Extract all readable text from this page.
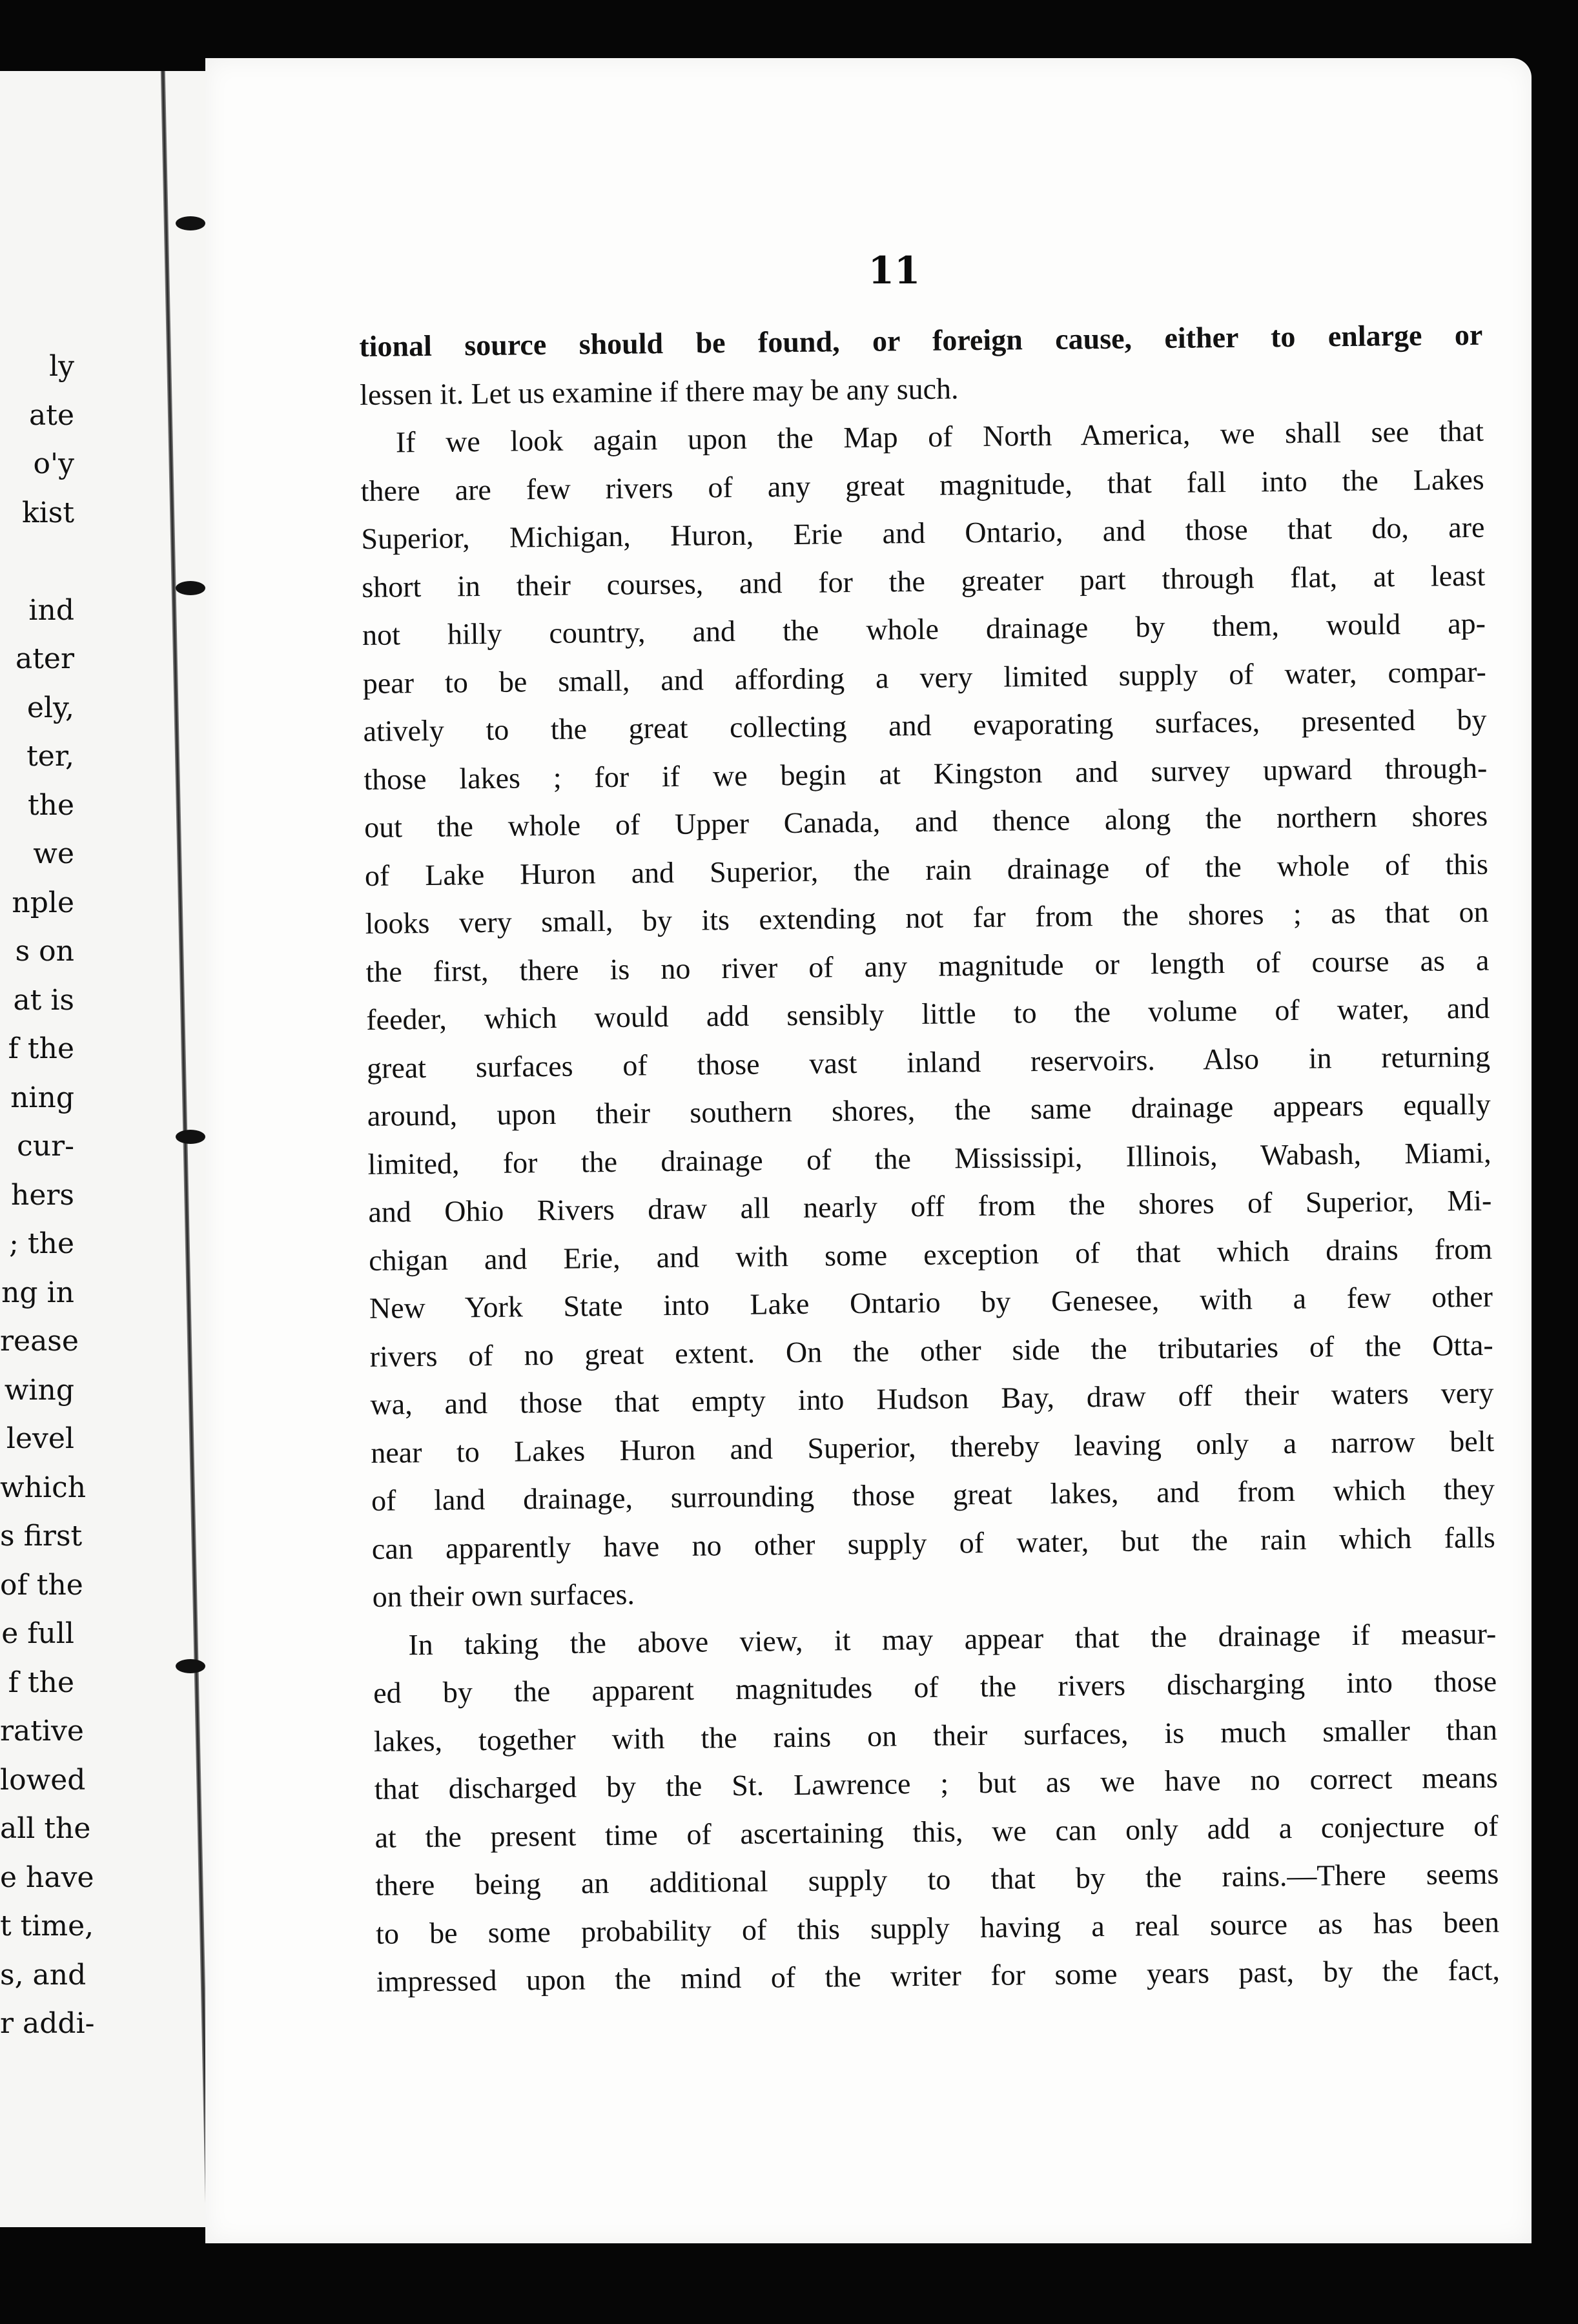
ly
ate
o'y
kist
ind
ater
ely,
ter,
the
we
nple
s on
at is
f the
ning
cur-
hers
; the
ng in
rease
wing
level
which
s first
of the
e full
f the
rative
lowed
all the
e have
t time,
s, and
r addi-

11

tional source should be found, or foreign cause, either to enlarge or
lessen it. Let us examine if there may be any such.
If we look again upon the Map of North America, we shall see that
there are few rivers of any great magnitude, that fall into the Lakes
Superior, Michigan, Huron, Erie and Ontario, and those that do, are
short in their courses, and for the greater part through flat, at least
not hilly country, and the whole drainage by them, would ap-
pear to be small, and affording a very limited supply of water, compar-
atively to the great collecting and evaporating surfaces, presented by
those lakes ; for if we begin at Kingston and survey upward through-
out the whole of Upper Canada, and thence along the northern shores
of Lake Huron and Superior, the rain drainage of the whole of this
looks very small, by its extending not far from the shores ; as that on
the first, there is no river of any magnitude or length of course as a
feeder, which would add sensibly little to the volume of water, and
great surfaces of those vast inland reservoirs. Also in returning
around, upon their southern shores, the same drainage appears equally
limited, for the drainage of the Mississipi, Illinois, Wabash, Miami,
and Ohio Rivers draw all nearly off from the shores of Superior, Mi-
chigan and Erie, and with some exception of that which drains from
New York State into Lake Ontario by Genesee, with a few other
rivers of no great extent. On the other side the tributaries of the Otta-
wa, and those that empty into Hudson Bay, draw off their waters very
near to Lakes Huron and Superior, thereby leaving only a narrow belt
of land drainage, surrounding those great lakes, and from which they
can apparently have no other supply of water, but the rain which falls
on their own surfaces.
In taking the above view, it may appear that the drainage if measur-
ed by the apparent magnitudes of the rivers discharging into those
lakes, together with the rains on their surfaces, is much smaller than
that discharged by the St. Lawrence ; but as we have no correct means
at the present time of ascertaining this, we can only add a conjecture of
there being an additional supply to that by the rains.—There seems
to be some probability of this supply having a real source as has been
impressed upon the mind of the writer for some years past, by the fact,
